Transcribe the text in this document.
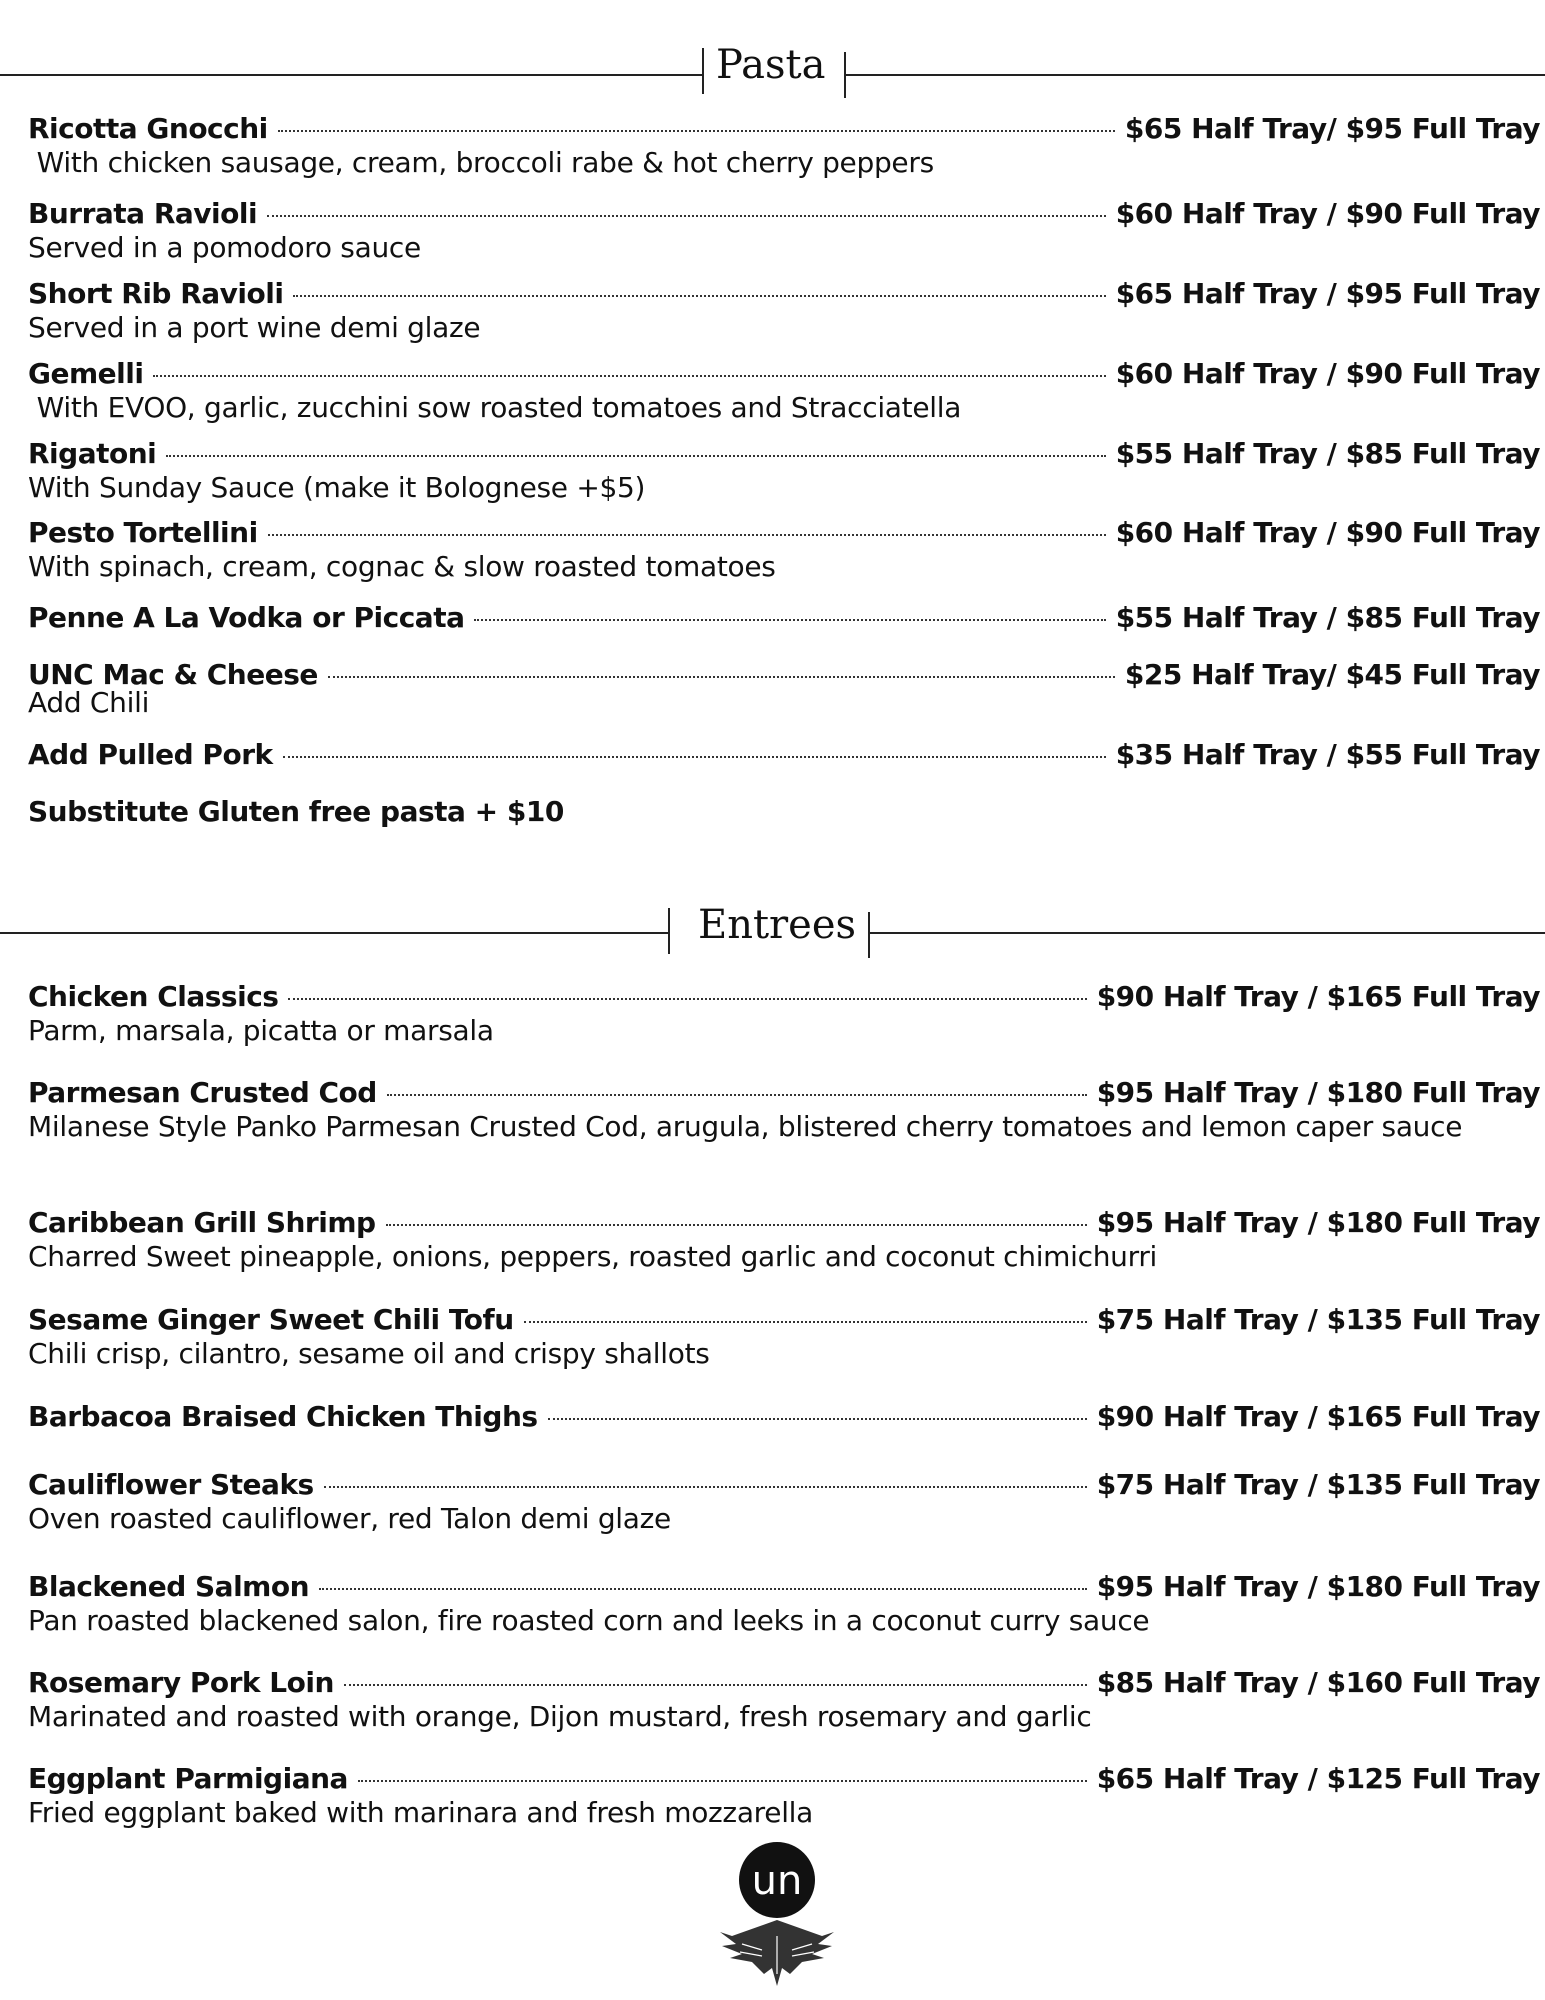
Pasta
Ricotta Gnocchi	$65 Half Tray/ $95 Full Tray
With chicken sausage, cream, broccoli rabe & hot cherry peppers
Burrata Ravioli	$60 Half Tray / $90 Full Tray
Served in a pomodoro sauce
Short Rib Ravioli	$65 Half Tray / $95 Full Tray
Served in a port wine demi glaze
Gemelli	$60 Half Tray / $90 Full Tray
With EVOO, garlic, zucchini sow roasted tomatoes and Stracciatella
Rigatoni	$55 Half Tray / $85 Full Tray
With Sunday Sauce (make it Bolognese +$5)
Pesto Tortellini	$60 Half Tray / $90 Full Tray
With spinach, cream, cognac & slow roasted tomatoes
Penne A La Vodka or Piccata	$55 Half Tray / $85 Full Tray
UNC Mac & Cheese	$25 Half Tray/ $45 Full Tray
Add Chili
Add Pulled Pork	$35 Half Tray / $55 Full Tray
Substitute Gluten free pasta + $10
Entrees
Chicken Classics	$90 Half Tray / $165 Full Tray
Parm, marsala, picatta or marsala
Parmesan Crusted Cod	$95 Half Tray / $180 Full Tray
Milanese Style Panko Parmesan Crusted Cod, arugula, blistered cherry tomatoes and lemon caper sauce
Caribbean Grill Shrimp	$95 Half Tray / $180 Full Tray
Charred Sweet pineapple, onions, peppers, roasted garlic and coconut chimichurri
Sesame Ginger Sweet Chili Tofu	$75 Half Tray / $135 Full Tray
Chili crisp, cilantro, sesame oil and crispy shallots
Barbacoa Braised Chicken Thighs	$90 Half Tray / $165 Full Tray
Cauliflower Steaks	$75 Half Tray / $135 Full Tray
Oven roasted cauliflower, red Talon demi glaze
Blackened Salmon	$95 Half Tray / $180 Full Tray
Pan roasted blackened salon, fire roasted corn and leeks in a coconut curry sauce
Rosemary Pork Loin	$85 Half Tray / $160 Full Tray
Marinated and roasted with orange, Dijon mustard, fresh rosemary and garlic
Eggplant Parmigiana	$65 Half Tray / $125 Full Tray
Fried eggplant baked with marinara and fresh mozzarella
un
